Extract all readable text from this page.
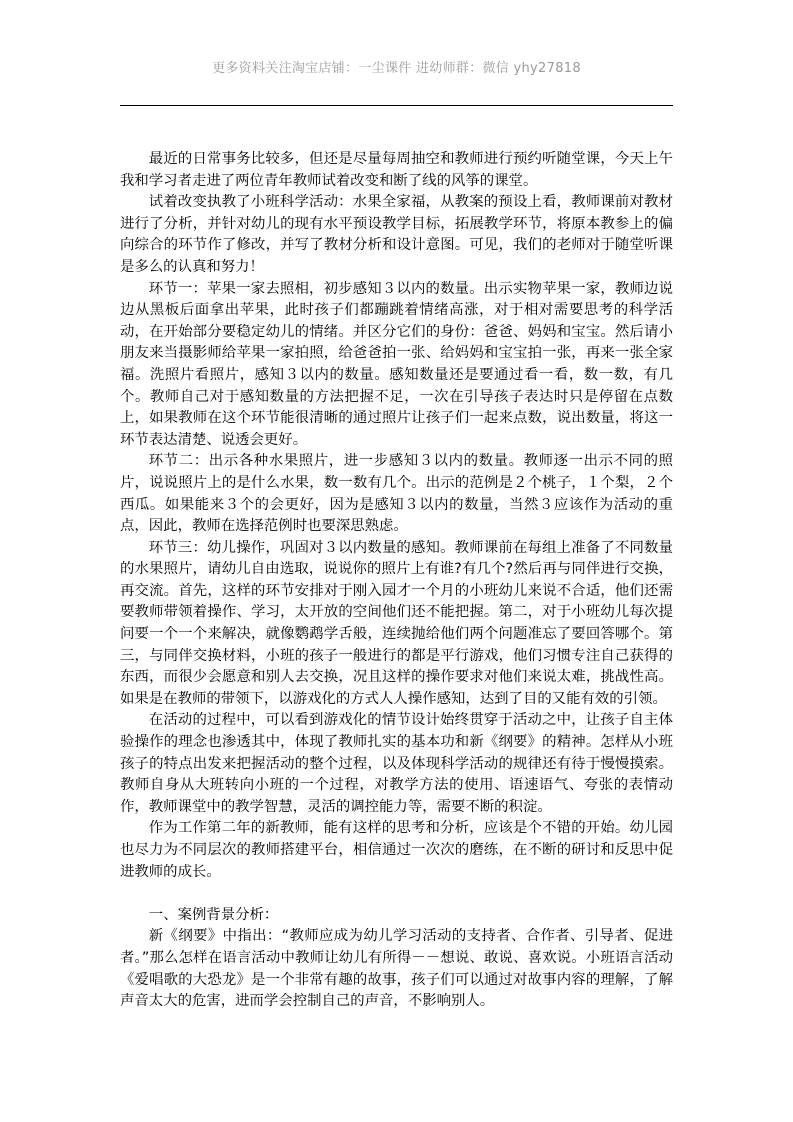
更多资料关注淘宝店铺：一尘课件 进幼师群：微信 yhy27818

最近的日常事务比较多，但还是尽量每周抽空和教师进行预约听随堂课，今天上午我和学习者走进了两位青年教师试着改变和断了线的风筝的课堂。

试着改变执教了小班科学活动：水果全家福，从教案的预设上看，教师课前对教材进行了分析，并针对幼儿的现有水平预设教学目标，拓展教学环节，将原本教参上的偏向综合的环节作了修改，并写了教材分析和设计意图。可见，我们的老师对于随堂听课是多么的认真和努力！

环节一：苹果一家去照相，初步感知３以内的数量。出示实物苹果一家，教师边说边从黑板后面拿出苹果，此时孩子们都蹦跳着情绪高涨，对于相对需要思考的科学活动，在开始部分要稳定幼儿的情绪。并区分它们的身份：爸爸、妈妈和宝宝。然后请小朋友来当摄影师给苹果一家拍照，给爸爸拍一张、给妈妈和宝宝拍一张，再来一张全家福。洗照片看照片，感知３以内的数量。感知数量还是要通过看一看，数一数，有几个。教师自己对于感知数量的方法把握不足，一次在引导孩子表达时只是停留在点数上，如果教师在这个环节能很清晰的通过照片让孩子们一起来点数，说出数量，将这一环节表达清楚、说透会更好。

环节二：出示各种水果照片，进一步感知３以内的数量。教师逐一出示不同的照片，说说照片上的是什么水果，数一数有几个。出示的范例是２个桃子，１个梨，２个西瓜。如果能来３个的会更好，因为是感知３以内的数量，当然３应该作为活动的重点，因此，教师在选择范例时也要深思熟虑。

环节三：幼儿操作，巩固对３以内数量的感知。教师课前在每组上准备了不同数量的水果照片，请幼儿自由选取，说说你的照片上有谁?有几个?然后再与同伴进行交换，再交流。首先，这样的环节安排对于刚入园才一个月的小班幼儿来说不合适，他们还需要教师带领着操作、学习，太开放的空间他们还不能把握。第二，对于小班幼儿每次提问要一个一个来解决，就像鹦鹉学舌般，连续抛给他们两个问题准忘了要回答哪个。第三，与同伴交换材料，小班的孩子一般进行的都是平行游戏，他们习惯专注自己获得的东西，而很少会愿意和别人去交换，况且这样的操作要求对他们来说太难，挑战性高。如果是在教师的带领下，以游戏化的方式人人操作感知，达到了目的又能有效的引领。

在活动的过程中，可以看到游戏化的情节设计始终贯穿于活动之中，让孩子自主体验操作的理念也渗透其中，体现了教师扎实的基本功和新《纲要》的精神。怎样从小班孩子的特点出发来把握活动的整个过程，以及体现科学活动的规律还有待于慢慢摸索。教师自身从大班转向小班的一个过程，对教学方法的使用、语速语气、夸张的表情动作，教师课堂中的教学智慧，灵活的调控能力等，需要不断的积淀。

作为工作第二年的新教师，能有这样的思考和分析，应该是个不错的开始。幼儿园也尽力为不同层次的教师搭建平台，相信通过一次次的磨练，在不断的研讨和反思中促进教师的成长。

一、案例背景分析：

新《纲要》中指出：“教师应成为幼儿学习活动的支持者、合作者、引导者、促进者。”那么怎样在语言活动中教师让幼儿有所得－－想说、敢说、喜欢说。小班语言活动《爱唱歌的大恐龙》是一个非常有趣的故事，孩子们可以通过对故事内容的理解，了解声音太大的危害，进而学会控制自己的声音，不影响别人。
